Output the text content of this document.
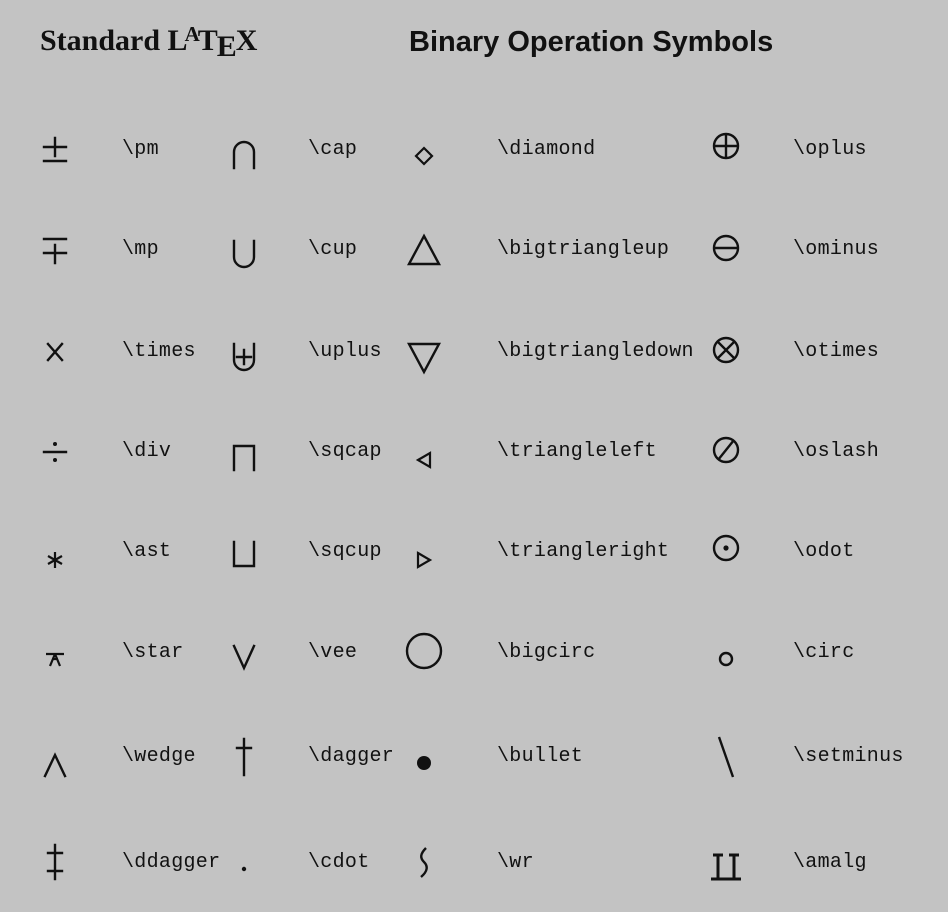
Standard $L^ATEX$	Binary Operation Symbols
\pm
\mp
\times
\div
\ast
\star
\wedge
\ddagger
\cap
\cup
\uplus
\sqcap
\sqcup
\vee
\dagger
\cdot
\diamond
\bigtriangleup
\bigtriangledown
\triangleleft
\triangleright
\bigcirc
\bullet
\wr
\oplus
\ominus
\otimes
\oslash
\odot
\circ
\setminus
\amalg
